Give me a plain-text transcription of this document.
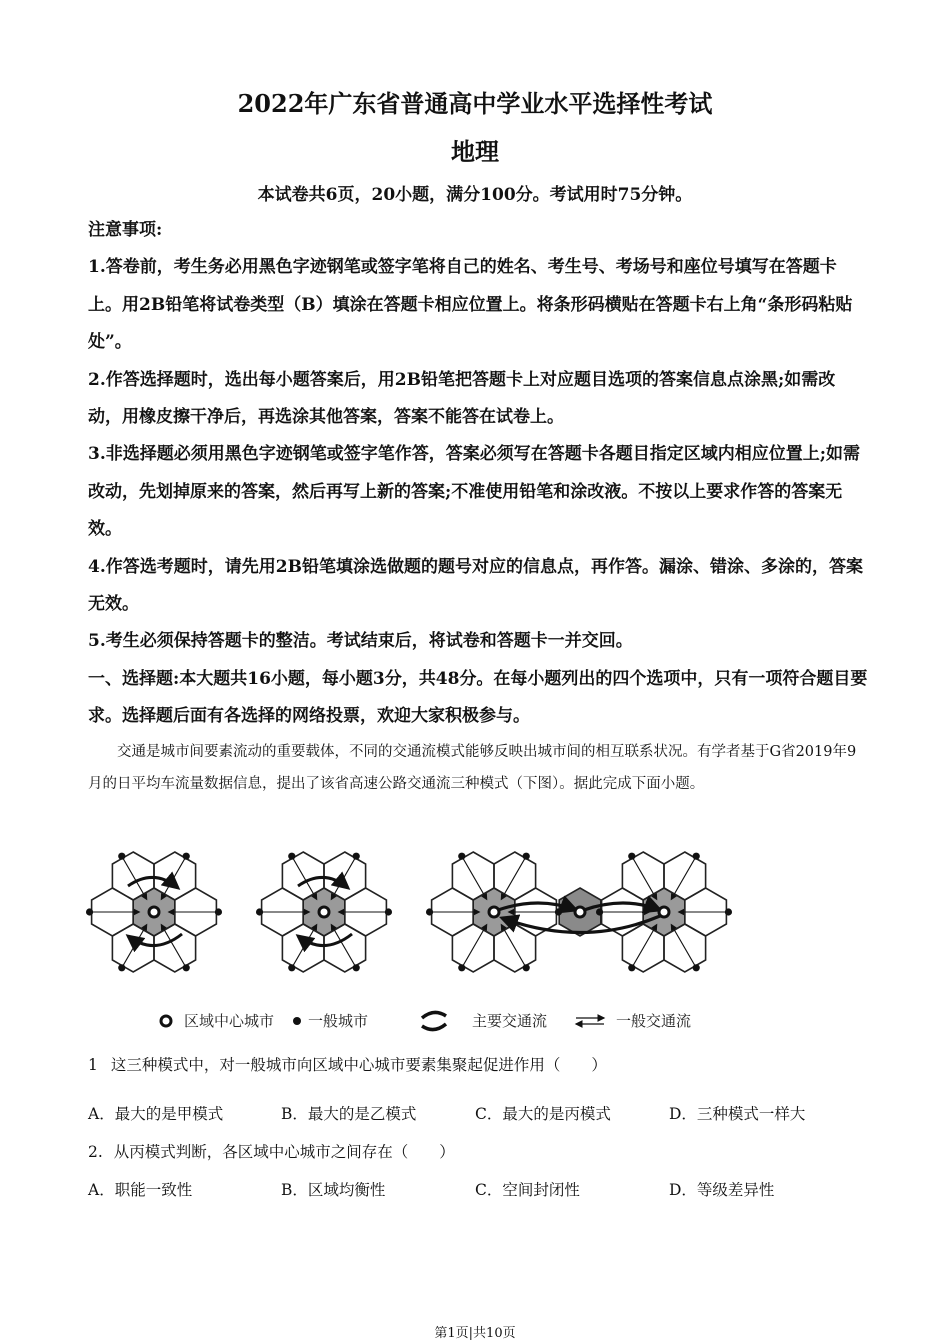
2022年广东省普通高中学业水平选择性考试
地理
本试卷共6页，20小题，满分100分。考试用时75分钟。

注意事项:

1.答卷前，考生务必用黑色字迹钢笔或签字笔将自己的姓名、考生号、考场号和座位号填写在答题卡上。用2B铅笔将试卷类型（B）填涂在答题卡相应位置上。将条形码横贴在答题卡右上角“条形码粘贴处”。

2.作答选择题时，选出每小题答案后，用2B铅笔把答题卡上对应题目选项的答案信息点涂黑;如需改动，用橡皮擦干净后，再选涂其他答案，答案不能答在试卷上。

3.非选择题必须用黑色字迹钢笔或签字笔作答，答案必须写在答题卡各题目指定区域内相应位置上;如需改动，先划掉原来的答案，然后再写上新的答案;不准使用铅笔和涂改液。不按以上要求作答的答案无效。

4.作答选考题时，请先用2B铅笔填涂选做题的题号对应的信息点，再作答。漏涂、错涂、多涂的，答案无效。

5.考生必须保持答题卡的整洁。考试结束后，将试卷和答题卡一并交回。

一、选择题:本大题共16小题，每小题3分，共48分。在每小题列出的四个选项中，只有一项符合题目要求。选择题后面有各选择的网络投票，欢迎大家积极参与。

交通是城市间要素流动的重要载体，不同的交通流模式能够反映出城市间的相互联系状况。有学者基于G省2019年9月的日平均车流量数据信息，提出了该省高速公路交通流三种模式（下图）。据此完成下面小题。
区域中心城市 一般城市	主要交通流	一般交通流
1 这三种模式中，对一般城市向区域中心城市要素集聚起促进作用（　　）
A．最大的是甲模式	B．最大的是乙模式	C．最大的是丙模式	D．三种模式一样大
2. 从丙模式判断，各区域中心城市之间存在（　　）
A．职能一致性	B．区域均衡性	C．空间封闭性	D．等级差异性
第1页|共10页
